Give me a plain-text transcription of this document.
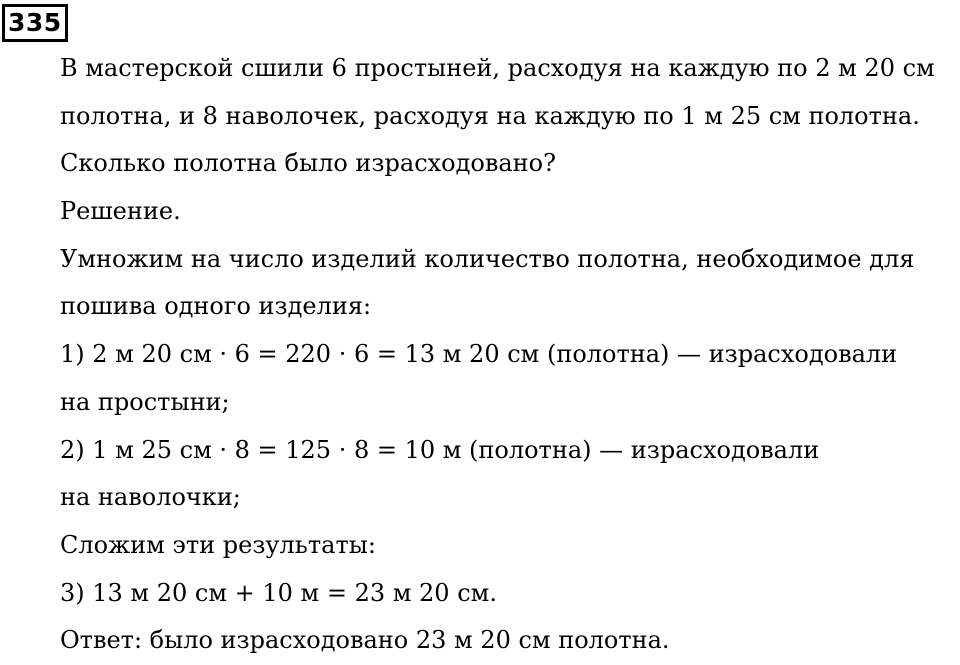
335
В мастерской сшили 6 простыней, расходуя на каждую по 2 м 20 см
полотна, и 8 наволочек, расходуя на каждую по 1 м 25 см полотна.
Сколько полотна было израсходовано?
Решение.
Умножим на число изделий количество полотна, необходимое для
пошива одного изделия:
1) 2 м 20 см · 6 = 220 · 6 = 13 м 20 см (полотна) — израсходовали
на простыни;
2) 1 м 25 см · 8 = 125 · 8 = 10 м (полотна) — израсходовали
на наволочки;
Сложим эти результаты:
3) 13 м 20 см + 10 м = 23 м 20 см.
Ответ: было израсходовано 23 м 20 см полотна.
